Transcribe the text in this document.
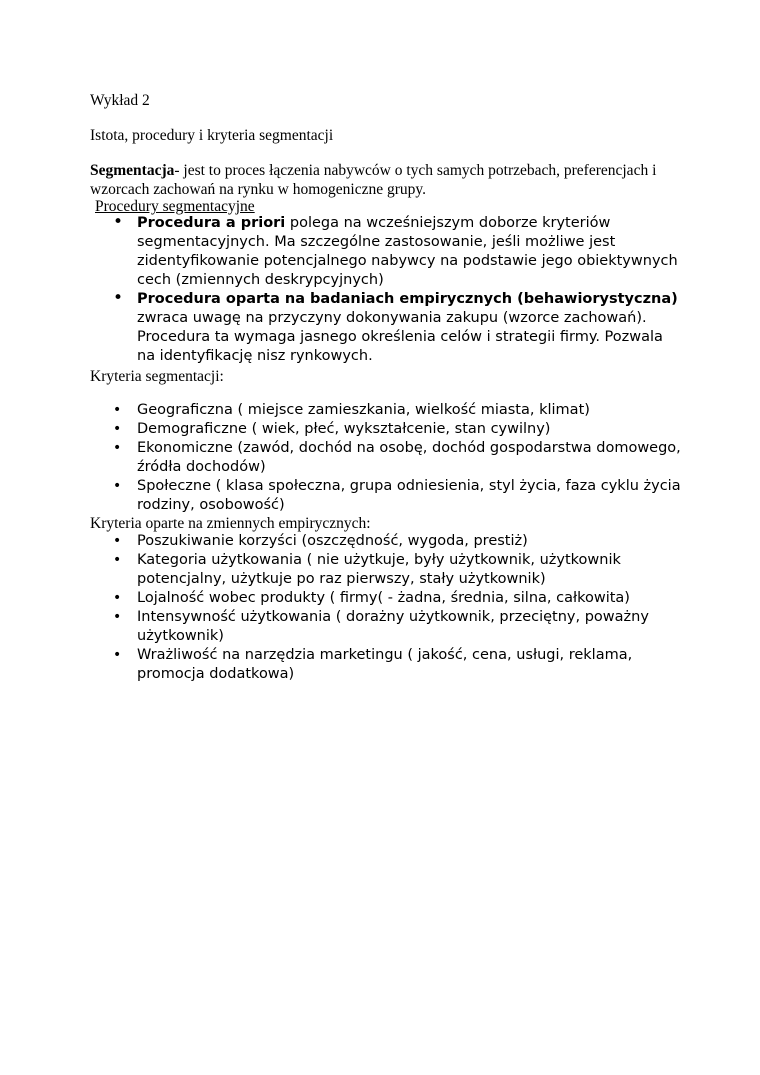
Wykład 2
Istota, procedury i kryteria segmentacji
Segmentacja- jest to proces łączenia nabywców o tych samych potrzebach, preferencjach i wzorcach zachowań na rynku w homogeniczne grupy.
Procedury segmentacyjne
• Procedura a priori polega na wcześniejszym doborze kryteriów segmentacyjnych. Ma szczególne zastosowanie, jeśli możliwe jest zidentyfikowanie potencjalnego nabywcy na podstawie jego obiektywnych cech (zmiennych deskrypcyjnych)
• Procedura oparta na badaniach empirycznych (behawiorystyczna) zwraca uwagę na przyczyny dokonywania zakupu (wzorce zachowań). Procedura ta wymaga jasnego określenia celów i strategii firmy. Pozwala na identyfikację nisz rynkowych.
Kryteria segmentacji:
• Geograficzna ( miejsce zamieszkania, wielkość miasta, klimat)
• Demograficzne ( wiek, płeć, wykształcenie, stan cywilny)
• Ekonomiczne (zawód, dochód na osobę, dochód gospodarstwa domowego, źródła dochodów)
• Społeczne ( klasa społeczna, grupa odniesienia, styl życia, faza cyklu życia rodziny, osobowość)
Kryteria oparte na zmiennych empirycznych:
• Poszukiwanie korzyści (oszczędność, wygoda, prestiż)
• Kategoria użytkowania ( nie użytkuje, były użytkownik, użytkownik potencjalny, użytkuje po raz pierwszy, stały użytkownik)
• Lojalność wobec produkty ( firmy( - żadna, średnia, silna, całkowita)
• Intensywność użytkowania ( dorażny użytkownik, przeciętny, poważny użytkownik)
• Wrażliwość na narzędzia marketingu ( jakość, cena, usługi, reklama, promocja dodatkowa)
